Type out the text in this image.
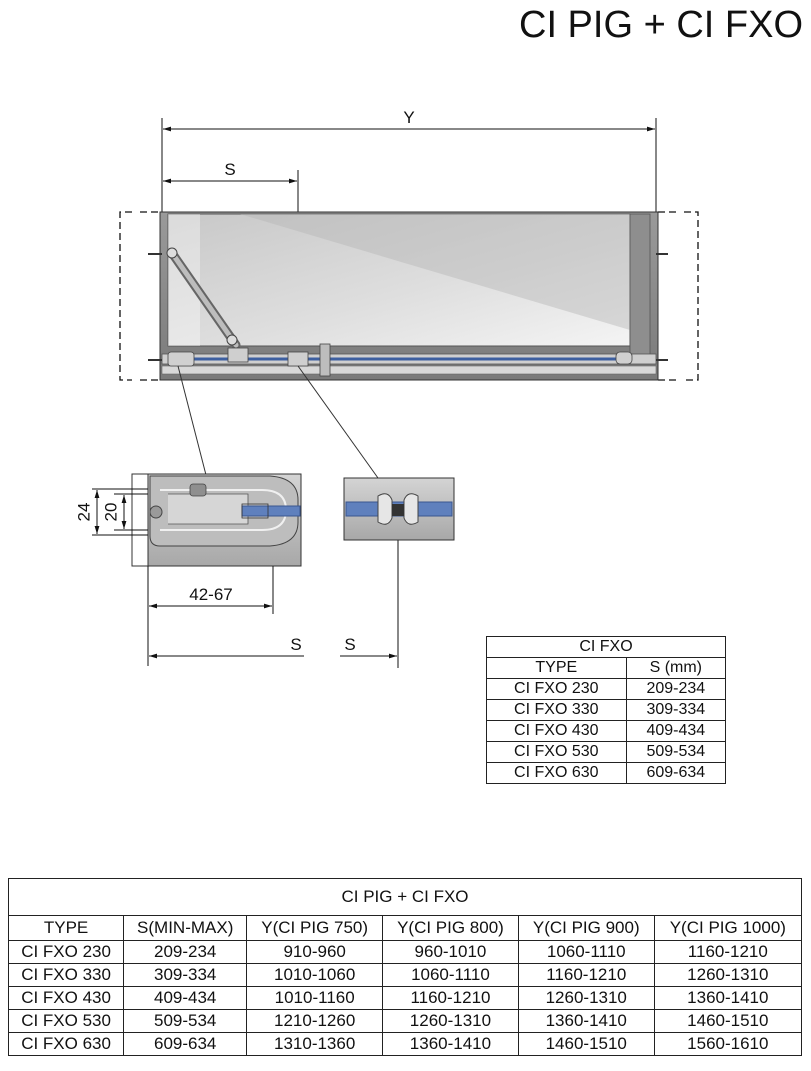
CI PIG + CI FXO
Y
S
24 20
42-67
S	S	CI FXO	
TYPE	S (mm)
CI FXO 230	209-234
CI FXO 330	309-334
CI FXO 430	409-434
CI FXO 530	509-534
CI FXO 630	609-634
CI PIG + CI FXO					
TYPE	S(MIN-MAX)	Y(CI PIG 750)	Y(CI PIG 800)	Y(CI PIG 900)	Y(CI PIG 1000)
CI FXO 230	209-234	910-960	960-1010	1060-1110	1160-1210
CI FXO 330	309-334	1010-1060	1060-1110	1160-1210	1260-1310
CI FXO 430	409-434	1010-1160	1160-1210	1260-1310	1360-1410
CI FXO 530	509-534	1210-1260	1260-1310	1360-1410	1460-1510
CI FXO 630	609-634	1310-1360	1360-1410	1460-1510	1560-1610
